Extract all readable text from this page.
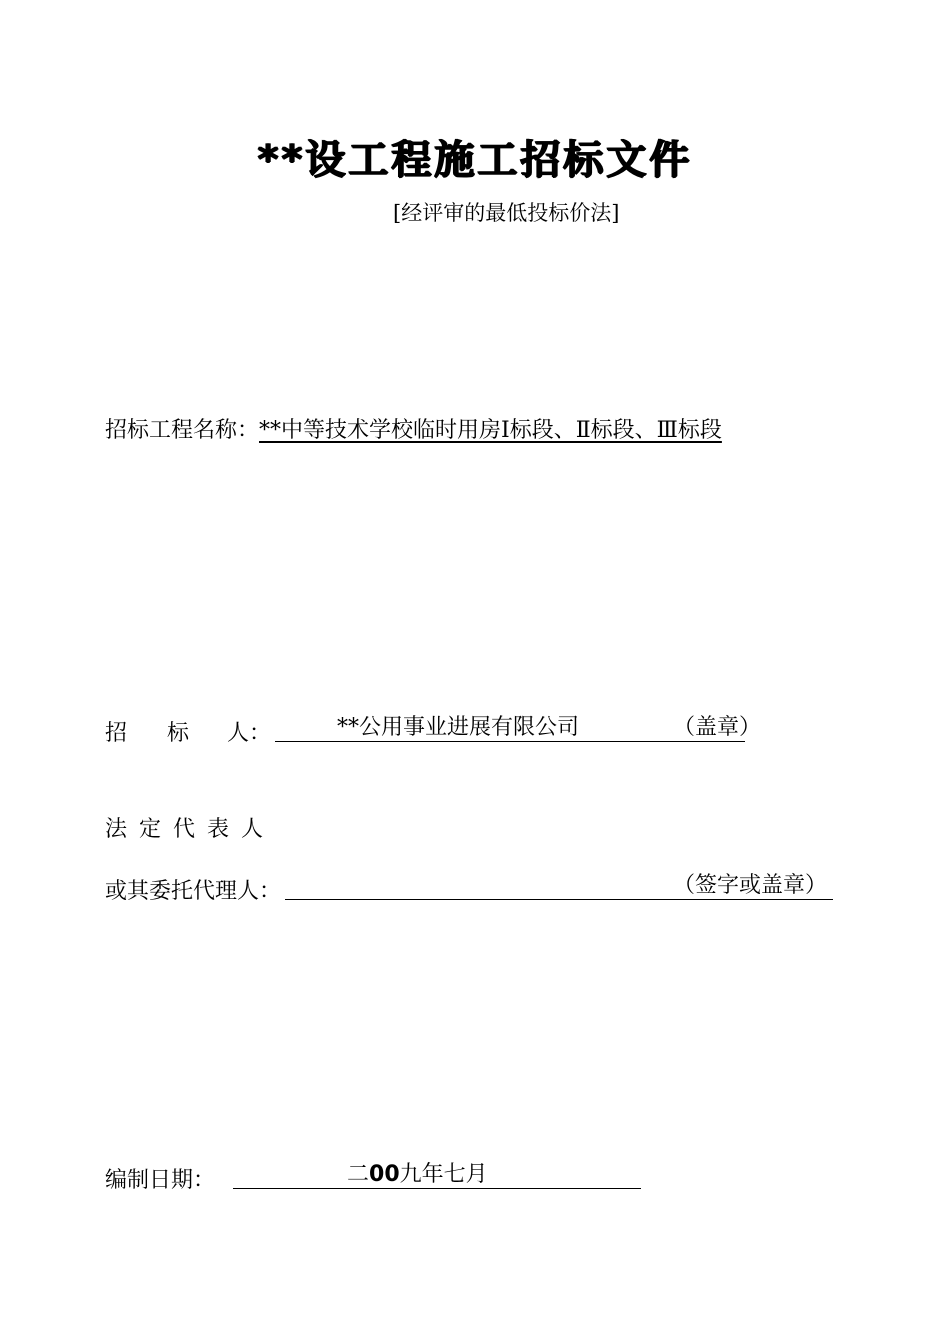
**设工程施工招标文件
[经评审的最低投标价法]
招标工程名称：**中等技术学校临时用房Ⅰ标段、Ⅱ标段、Ⅲ标段
招 标 人：	**公用事业进展有限公司	（盖章）
法定代表人
或其委托代理人：	（签字或盖章）
编制日期：	二00九年七月
